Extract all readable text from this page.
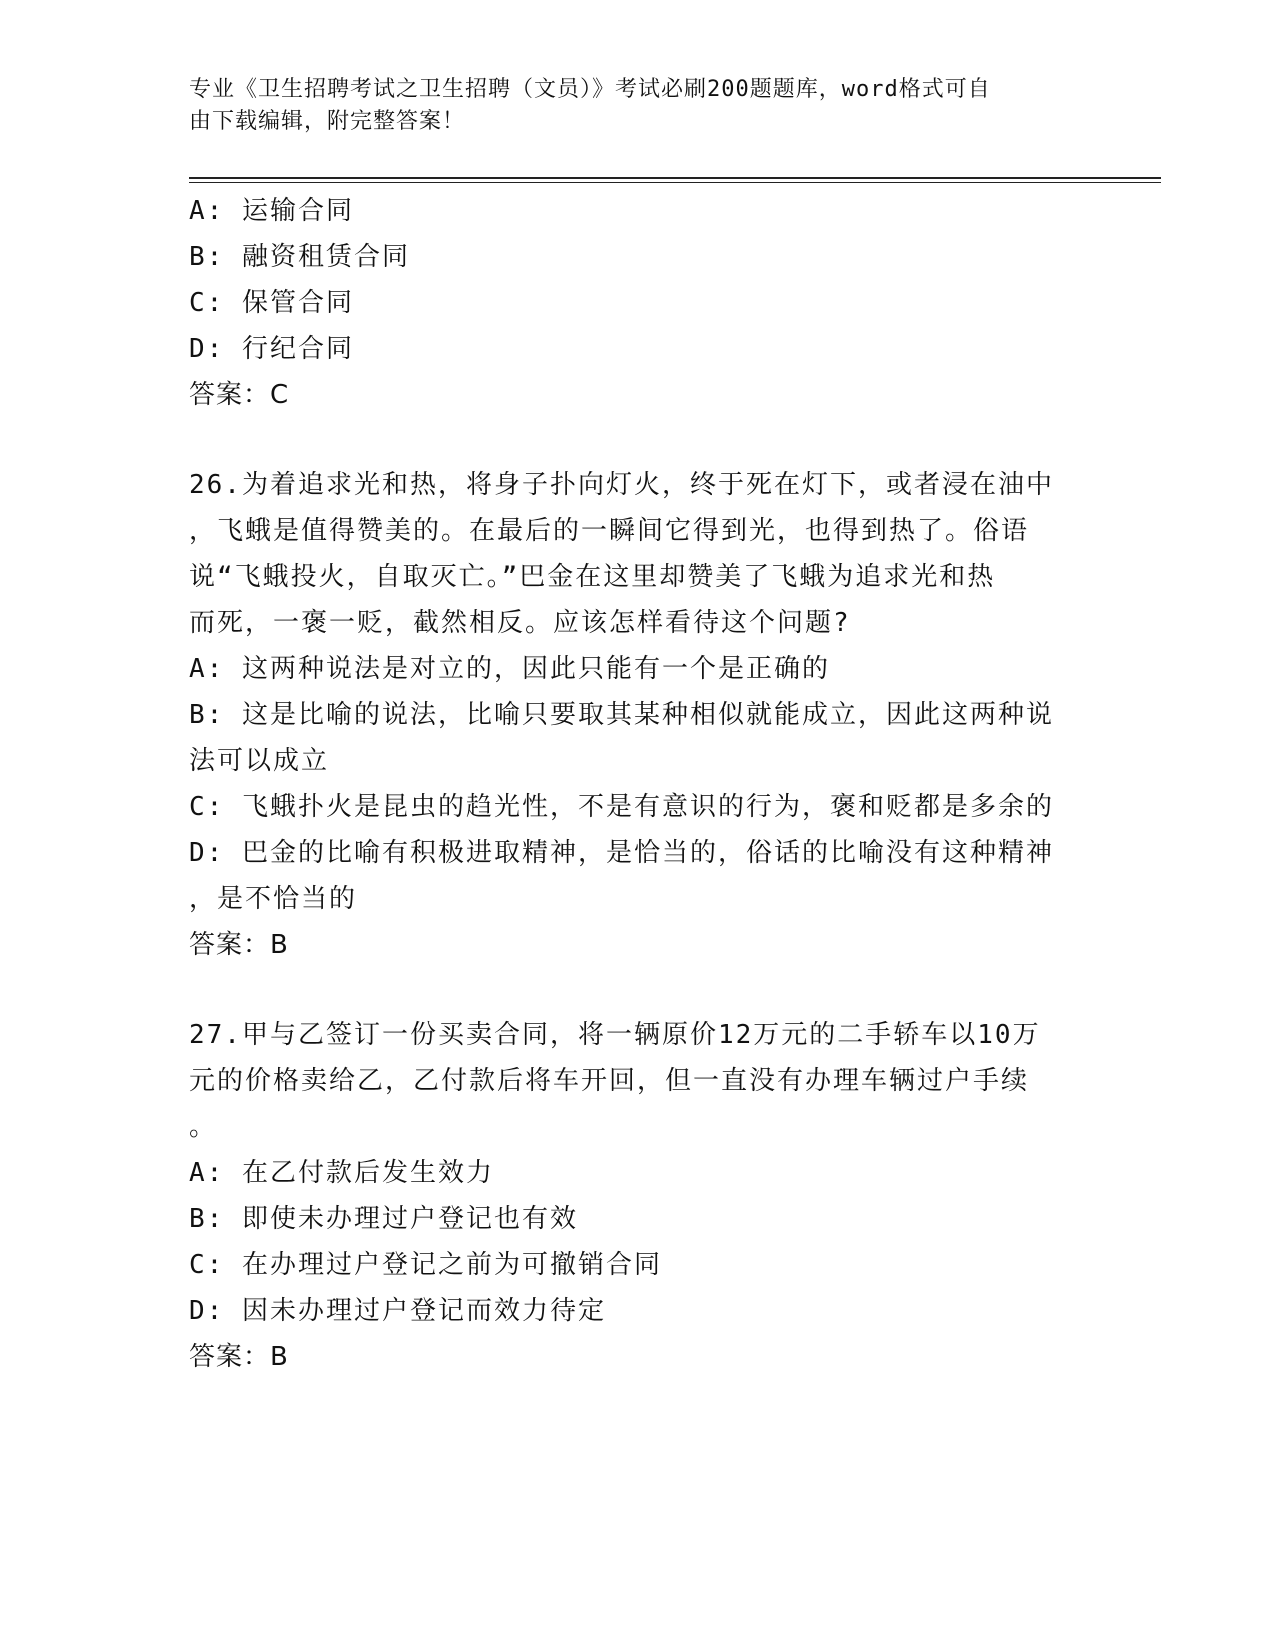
专业《卫生招聘考试之卫生招聘（文员）》考试必刷200题题库，word格式可自
由下载编辑，附完整答案！
A: 运输合同
B: 融资租赁合同
C: 保管合同
D: 行纪合同
答案：C
26.为着追求光和热，将身子扑向灯火，终于死在灯下，或者浸在油中
，飞蛾是值得赞美的。在最后的一瞬间它得到光，也得到热了。俗语
说“飞蛾投火，自取灭亡。”巴金在这里却赞美了飞蛾为追求光和热
而死，一褒一贬，截然相反。应该怎样看待这个问题?
A: 这两种说法是对立的，因此只能有一个是正确的
B: 这是比喻的说法，比喻只要取其某种相似就能成立，因此这两种说
法可以成立
C: 飞蛾扑火是昆虫的趋光性，不是有意识的行为，褒和贬都是多余的
D: 巴金的比喻有积极进取精神，是恰当的，俗话的比喻没有这种精神
，是不恰当的
答案：B
27.甲与乙签订一份买卖合同，将一辆原价12万元的二手轿车以10万
元的价格卖给乙，乙付款后将车开回，但一直没有办理车辆过户手续
。
A: 在乙付款后发生效力
B: 即使未办理过户登记也有效
C: 在办理过户登记之前为可撤销合同
D: 因未办理过户登记而效力待定
答案：B
